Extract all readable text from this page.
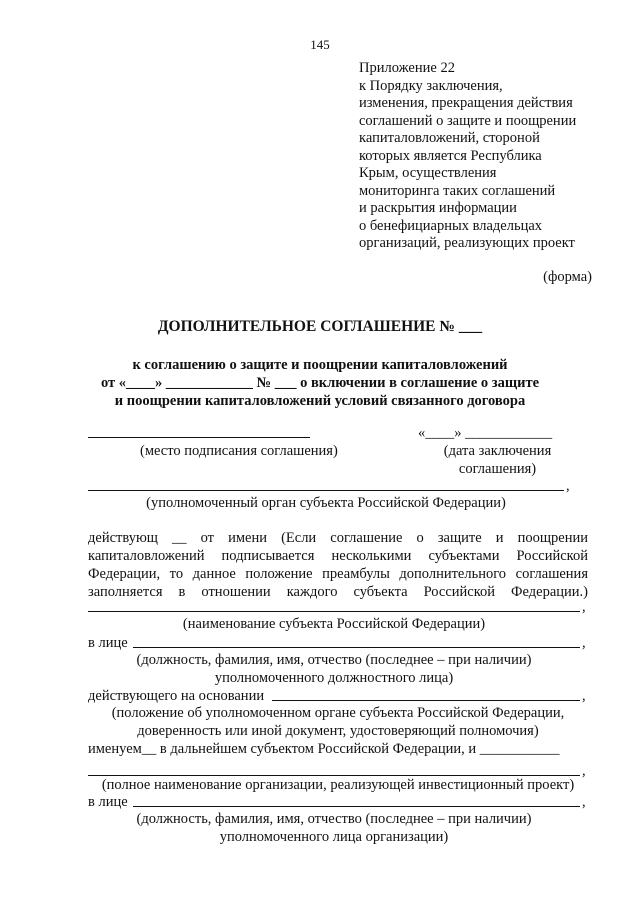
145
Приложение 22
к Порядку заключения,
изменения, прекращения действия
соглашений о защите и поощрении
капиталовложений, стороной
которых является Республика
Крым, осуществления
мониторинга таких соглашений
и раскрытия информации
о бенефициарных владельцах
организаций, реализующих проект
(форма)
ДОПОЛНИТЕЛЬНОЕ СОГЛАШЕНИЕ № ___
к соглашению о защите и поощрении капиталовложений
от «____» ____________ № ___ о включении в соглашение о защите
и поощрении капиталовложений условий связанного договора
(место подписания соглашения)
«____» ____________
(дата заключения
соглашения)
,
(уполномоченный орган субъекта Российской Федерации)
действующ __ от имени (Если соглашение о защите и поощрении
капиталовложений подписывается несколькими субъектами Российской
Федерации, то данное положение преамбулы дополнительного соглашения
заполняется в отношении каждого субъекта Российской Федерации.)
,
(наименование субъекта Российской Федерации)
в лице	,
(должность, фамилия, имя, отчество (последнее – при наличии)
уполномоченного должностного лица)
действующего на основании	,
(положение об уполномоченном органе субъекта Российской Федерации,
доверенность или иной документ, удостоверяющий полномочия)
именуем__ в дальнейшем субъектом Российской Федерации, и ___________
,
(полное наименование организации, реализующей инвестиционный проект)
в лице	,
(должность, фамилия, имя, отчество (последнее – при наличии)
уполномоченного лица организации)
